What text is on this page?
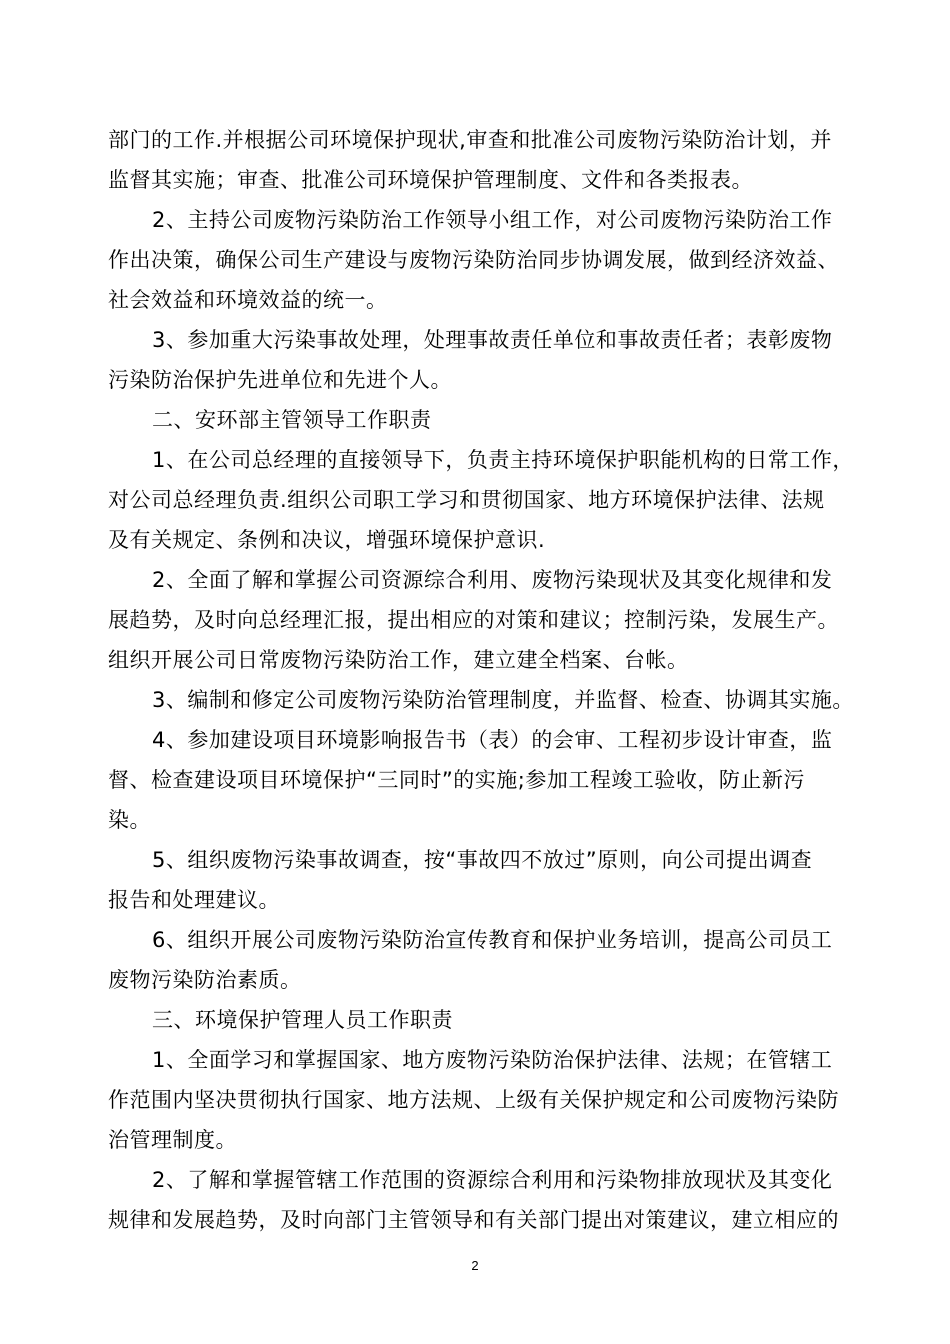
部门的工作.并根据公司环境保护现状,审查和批准公司废物污染防治计划，并
监督其实施；审查、批准公司环境保护管理制度、文件和各类报表。
2、主持公司废物污染防治工作领导小组工作，对公司废物污染防治工作
作出决策，确保公司生产建设与废物污染防治同步协调发展，做到经济效益、
社会效益和环境效益的统一。
3、参加重大污染事故处理，处理事故责任单位和事故责任者；表彰废物
污染防治保护先进单位和先进个人。
二、安环部主管领导工作职责
1、在公司总经理的直接领导下，负责主持环境保护职能机构的日常工作，
对公司总经理负责.组织公司职工学习和贯彻国家、地方环境保护法律、法规
及有关规定、条例和决议，增强环境保护意识.
2、全面了解和掌握公司资源综合利用、废物污染现状及其变化规律和发
展趋势，及时向总经理汇报，提出相应的对策和建议；控制污染，发展生产。
组织开展公司日常废物污染防治工作，建立建全档案、台帐。
3、编制和修定公司废物污染防治管理制度，并监督、检查、协调其实施。
4、参加建设项目环境影响报告书（表）的会审、工程初步设计审查，监
督、检查建设项目环境保护“三同时”的实施;参加工程竣工验收，防止新污
染。
5、组织废物污染事故调查，按“事故四不放过”原则，向公司提出调查
报告和处理建议。
6、组织开展公司废物污染防治宣传教育和保护业务培训，提高公司员工
废物污染防治素质。
三、环境保护管理人员工作职责
1、全面学习和掌握国家、地方废物污染防治保护法律、法规；在管辖工
作范围内坚决贯彻执行国家、地方法规、上级有关保护规定和公司废物污染防
治管理制度。
2、了解和掌握管辖工作范围的资源综合利用和污染物排放现状及其变化
规律和发展趋势，及时向部门主管领导和有关部门提出对策建议，建立相应的
2
